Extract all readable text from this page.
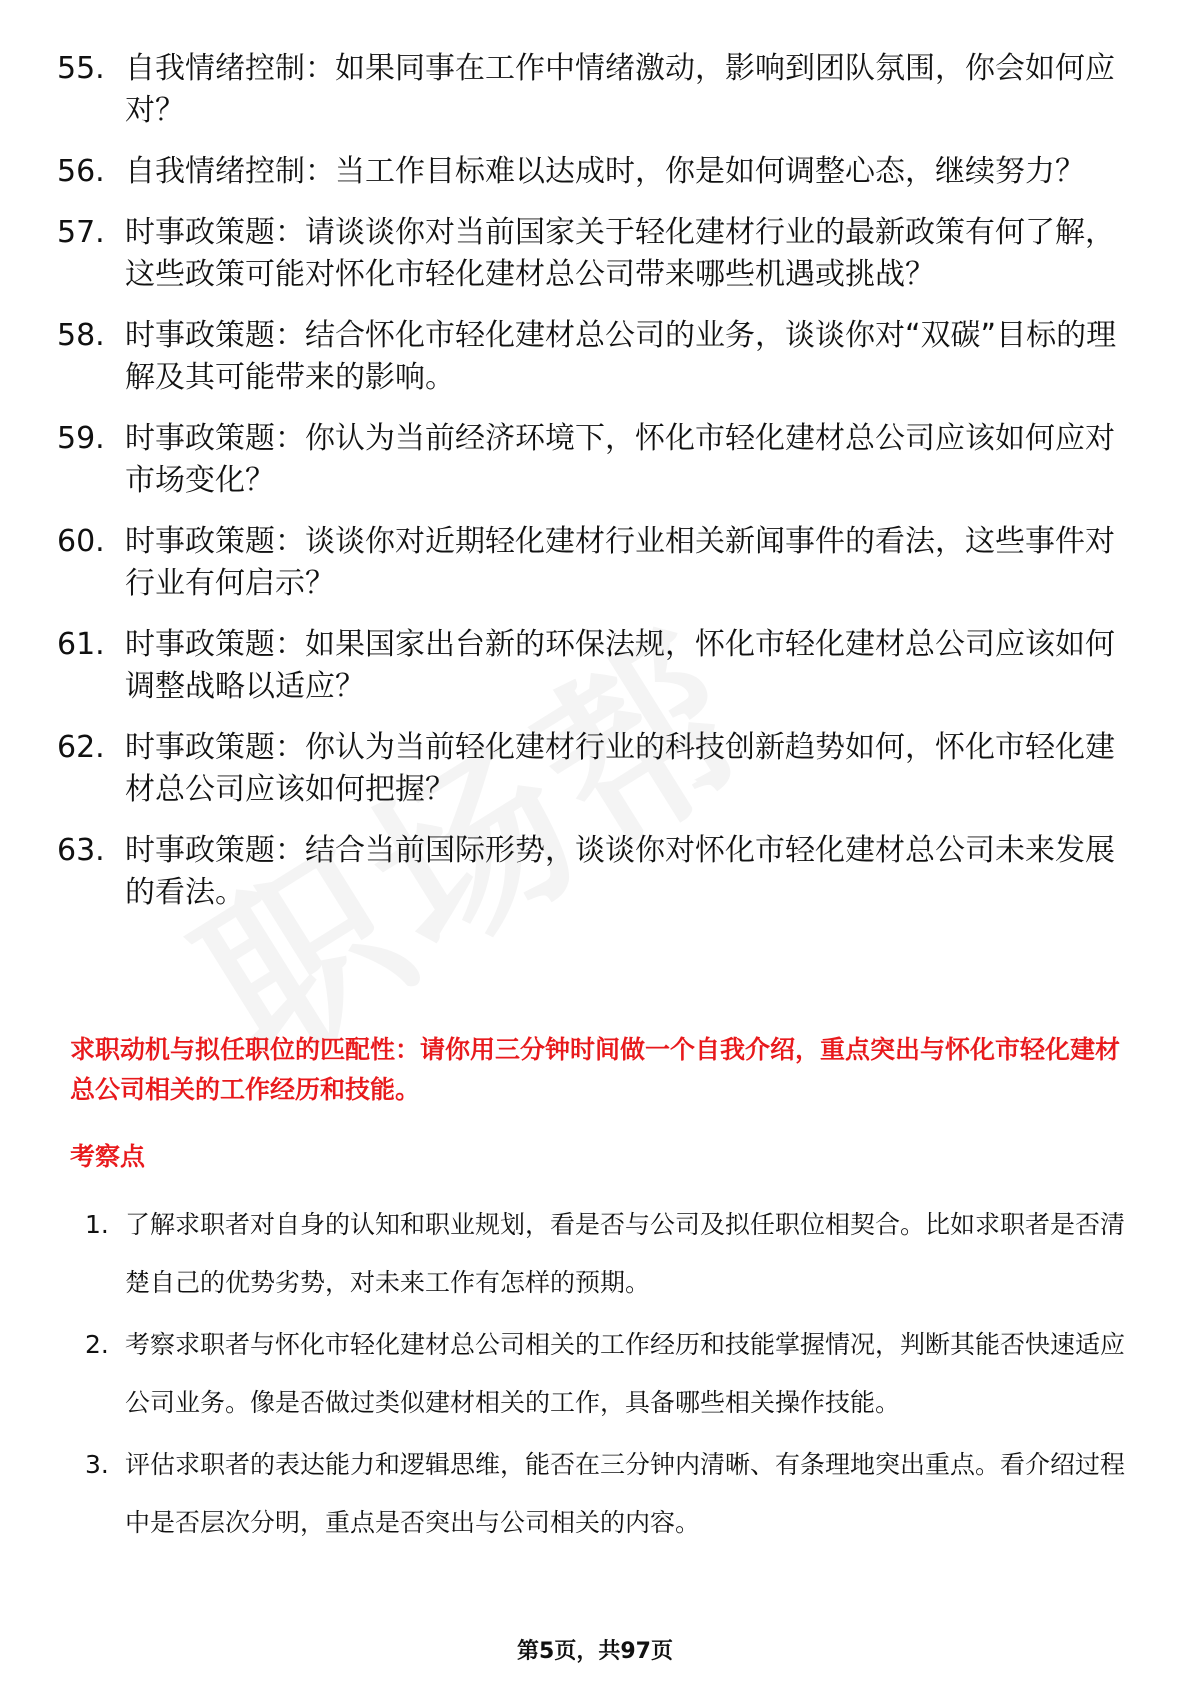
55. 自我情绪控制：如果同事在工作中情绪激动，影响到团队氛围，你会如何应对？
56. 自我情绪控制：当工作目标难以达成时，你是如何调整心态，继续努力？
57. 时事政策题：请谈谈你对当前国家关于轻化建材行业的最新政策有何了解，这些政策可能对怀化市轻化建材总公司带来哪些机遇或挑战？
58. 时事政策题：结合怀化市轻化建材总公司的业务，谈谈你对“双碳”目标的理解及其可能带来的影响。
59. 时事政策题：你认为当前经济环境下，怀化市轻化建材总公司应该如何应对市场变化？
60. 时事政策题：谈谈你对近期轻化建材行业相关新闻事件的看法，这些事件对行业有何启示？
61. 时事政策题：如果国家出台新的环保法规，怀化市轻化建材总公司应该如何调整战略以适应？
62. 时事政策题：你认为当前轻化建材行业的科技创新趋势如何，怀化市轻化建材总公司应该如何把握？
63. 时事政策题：结合当前国际形势，谈谈你对怀化市轻化建材总公司未来发展的看法。
求职动机与拟任职位的匹配性：请你用三分钟时间做一个自我介绍，重点突出与怀化市轻化建材总公司相关的工作经历和技能。
考察点
1. 了解求职者对自身的认知和职业规划，看是否与公司及拟任职位相契合。比如求职者是否清楚自己的优势劣势，对未来工作有怎样的预期。
2. 考察求职者与怀化市轻化建材总公司相关的工作经历和技能掌握情况，判断其能否快速适应公司业务。像是否做过类似建材相关的工作，具备哪些相关操作技能。
3. 评估求职者的表达能力和逻辑思维，能否在三分钟内清晰、有条理地突出重点。看介绍过程中是否层次分明，重点是否突出与公司相关的内容。
第5页，共97页
